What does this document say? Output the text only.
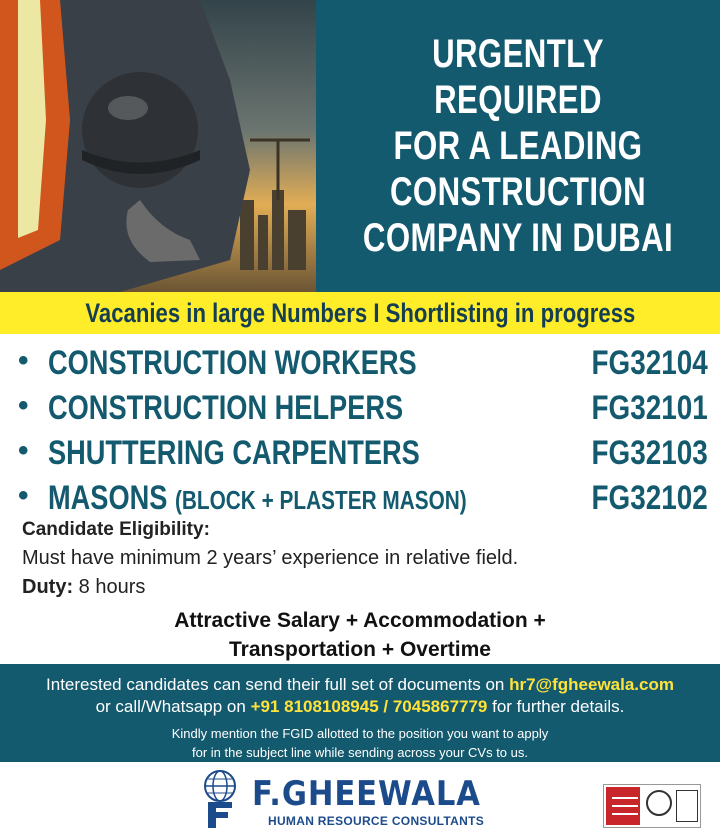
URGENTLY REQUIRED
FOR A LEADING
CONSTRUCTION
COMPANY IN DUBAI
Vacanies in large Numbers I Shortlisting in progress
• CONSTRUCTION WORKERS	FG32104
• CONSTRUCTION HELPERS	FG32101
• SHUTTERING CARPENTERS	FG32103
• MASONS (BLOCK + PLASTER MASON)	FG32102
Candidate Eligibility:
Must have minimum 2 years’ experience in relative field.
Duty: 8 hours
Attractive Salary + Accommodation +
Transportation + Overtime
Interested candidates can send their full set of documents on hr7@fgheewala.com
or call/Whatsapp on +91 8108108945 / 7045867779 for further details.
Kindly mention the FGID allotted to the position you want to apply
for in the subject line while sending across your CVs to us.
F.GHEEWALA
HUMAN RESOURCE CONSULTANTS
